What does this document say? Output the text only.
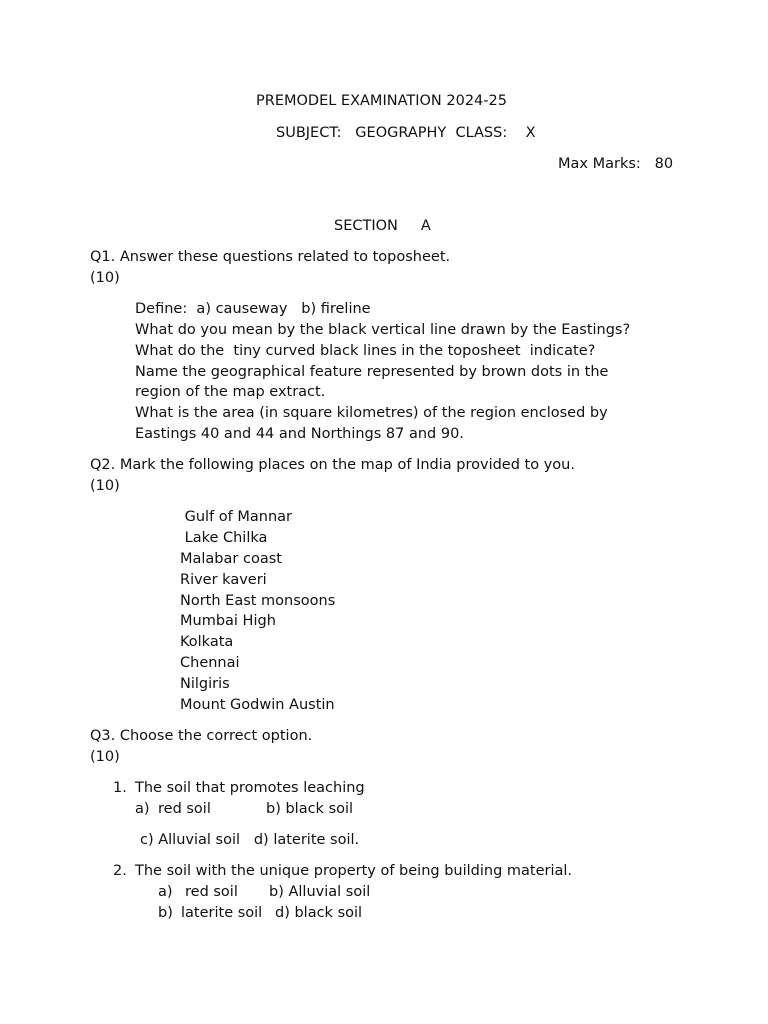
PREMODEL EXAMINATION 2024-25
SUBJECT:   GEOGRAPHY  CLASS:    X
Max Marks:   80
SECTION     A
Q1. Answer these questions related to toposheet.
(10)
Define:  a) causeway   b) fireline
What do you mean by the black vertical line drawn by the Eastings?
What do the  tiny curved black lines in the toposheet  indicate?
Name the geographical feature represented by brown dots in the
region of the map extract.
What is the area (in square kilometres) of the region enclosed by
Eastings 40 and 44 and Northings 87 and 90.
Q2. Mark the following places on the map of India provided to you.
(10)
Gulf of Mannar
Lake Chilka
Malabar coast
River kaveri
North East monsoons
Mumbai High
Kolkata
Chennai
Nilgiris
Mount Godwin Austin
Q3. Choose the correct option.
(10)
1. The soil that promotes leaching
a) red soil	b) black soil
c) Alluvial soil   d) laterite soil.
2. The soil with the unique property of being building material.
a) red soil b) Alluvial soil
b) laterite soil d) black soil
